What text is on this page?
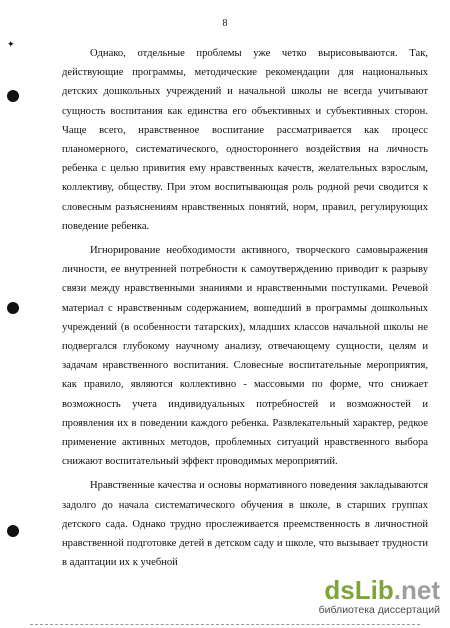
8
✦

Однако, отдельные проблемы уже четко вырисовываются. Так, действующие программы, методические рекомендации для национальных детских дошкольных учреждений и начальной школы не всегда учитывают сущность воспитания как единства его объективных и субъективных сторон. Чаще всего, нравственное воспитание рассматривается как процесс планомерного, систематического, одностороннего воздействия на личность ребенка с целью привития ему нравственных качеств, желательных взрослым, коллективу, обществу. При этом воспитывающая роль родной речи сводится к словесным разъяснениям нравственных понятий, норм, правил, регулирующих поведение ребенка.

Игнорирование необходимости активного, творческого самовыражения личности, ее внутренней потребности к самоутверждению приводит к разрыву связи между нравственными знаниями и нравственными поступками. Речевой материал с нравственным содержанием, вошедший в программы дошкольных учреждений (в особенности татарских), младших классов начальной школы не подвергался глубокому научному анализу, отвечающему сущности, целям и задачам нравственного воспитания. Словесные воспитательные мероприятия, как правило, являются коллективно - массовыми по форме, что снижает возможность учета индивидуальных потребностей и возможностей и проявления их в поведении каждого ребенка. Развлекательный характер, редкое применение активных методов, проблемных ситуаций нравственного выбора снижают воспитательный эффект проводимых мероприятий.

Нравственные качества и основы нормативного поведения закладываются задолго до начала систематического обучения в школе, в старших группах детского сада. Однако трудно прослеживается преемственность в личностной нравственной подготовке детей в детском саду и школе, что вызывает трудности в адаптации их к учебной

dsLib.net
библиотека диссертаций
